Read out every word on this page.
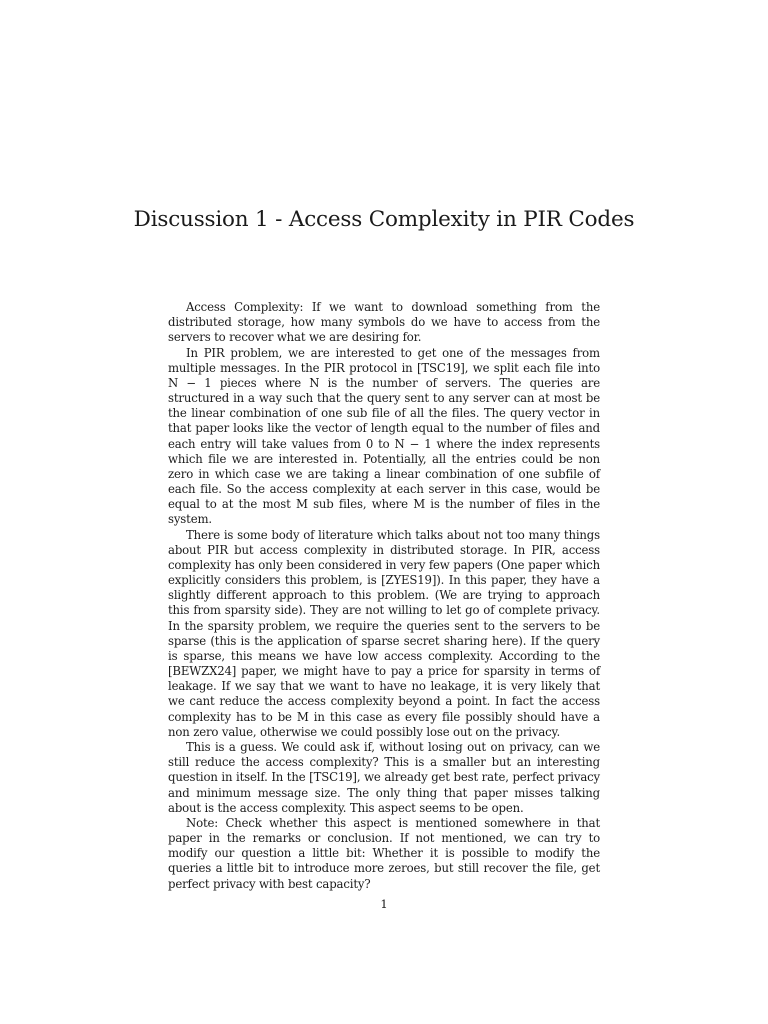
Discussion 1 - Access Complexity in PIR Codes

Access Complexity: If we want to download something from the distributed storage, how many symbols do we have to access from the servers to recover what we are desiring for.

In PIR problem, we are interested to get one of the messages from multiple messages. In the PIR protocol in [TSC19], we split each file into N − 1 pieces where N is the number of servers. The queries are structured in a way such that the query sent to any server can at most be the linear combination of one sub file of all the files. The query vector in that paper looks like the vector of length equal to the number of files and each entry will take values from 0 to N − 1 where the index represents which file we are interested in. Potentially, all the entries could be non zero in which case we are taking a linear combination of one subfile of each file. So the access complexity at each server in this case, would be equal to at the most M sub files, where M is the number of files in the system.

There is some body of literature which talks about not too many things about PIR but access complexity in distributed storage. In PIR, access complexity has only been considered in very few papers (One paper which explicitly considers this problem, is [ZYES19]). In this paper, they have a slightly different approach to this problem. (We are trying to approach this from sparsity side). They are not willing to let go of complete privacy. In the sparsity problem, we require the queries sent to the servers to be sparse (this is the application of sparse secret sharing here). If the query is sparse, this means we have low access complexity. According to the [BEWZX24] paper, we might have to pay a price for sparsity in terms of leakage. If we say that we want to have no leakage, it is very likely that we cant reduce the access complexity beyond a point. In fact the access complexity has to be M in this case as every file possibly should have a non zero value, otherwise we could possibly lose out on the privacy.

This is a guess. We could ask if, without losing out on privacy, can we still reduce the access complexity? This is a smaller but an interesting question in itself. In the [TSC19], we already get best rate, perfect privacy and minimum message size. The only thing that paper misses talking about is the access complexity. This aspect seems to be open.

Note: Check whether this aspect is mentioned somewhere in that paper in the remarks or conclusion. If not mentioned, we can try to modify our question a little bit: Whether it is possible to modify the queries a little bit to introduce more zeroes, but still recover the file, get perfect privacy with best capacity?

1
